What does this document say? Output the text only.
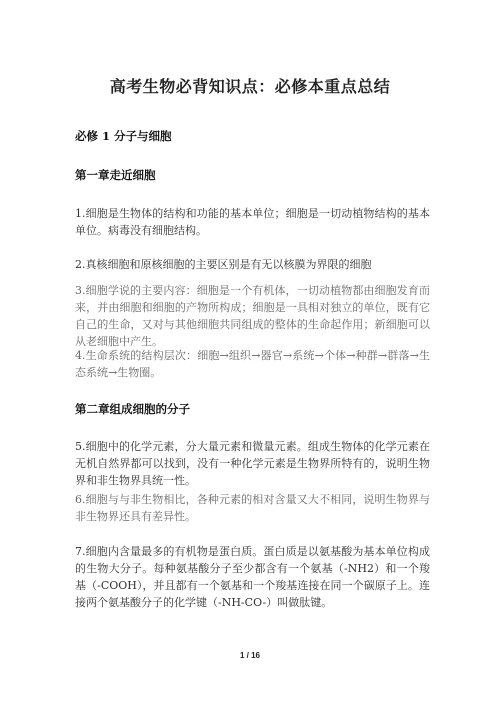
高考生物必背知识点：必修本重点总结
必修 1 分子与细胞
第一章走近细胞
1.细胞是生物体的结构和功能的基本单位；细胞是一切动植物结构的基本单位。病毒没有细胞结构。
2.真核细胞和原核细胞的主要区别是有无以核膜为界限的细胞
3.细胞学说的主要内容：细胞是一个有机体，一切动植物都由细胞发育而来，并由细胞和细胞的产物所构成；细胞是一具相对独立的单位，既有它自己的生命，又对与其他细胞共同组成的整体的生命起作用；新细胞可以从老细胞中产生。
4.生命系统的结构层次：细胞→组织→器官→系统→个体→种群→群落→生态系统→生物圈。
第二章组成细胞的分子
5.细胞中的化学元素，分大量元素和微量元素。组成生物体的化学元素在无机自然界都可以找到，没有一种化学元素是生物界所特有的，说明生物界和非生物界具统一性。
6.细胞与与非生物相比，各种元素的相对含量又大不相同，说明生物界与非生物界还具有差异性。
7.细胞内含量最多的有机物是蛋白质。蛋白质是以氨基酸为基本单位构成的生物大分子。每种氨基酸分子至少都含有一个氨基（-NH2）和一个羧基（-COOH），并且都有一个氨基和一个羧基连接在同一个碳原子上。连接两个氨基酸分子的化学键（-NH-CO-）叫做肽键。
1 / 16
